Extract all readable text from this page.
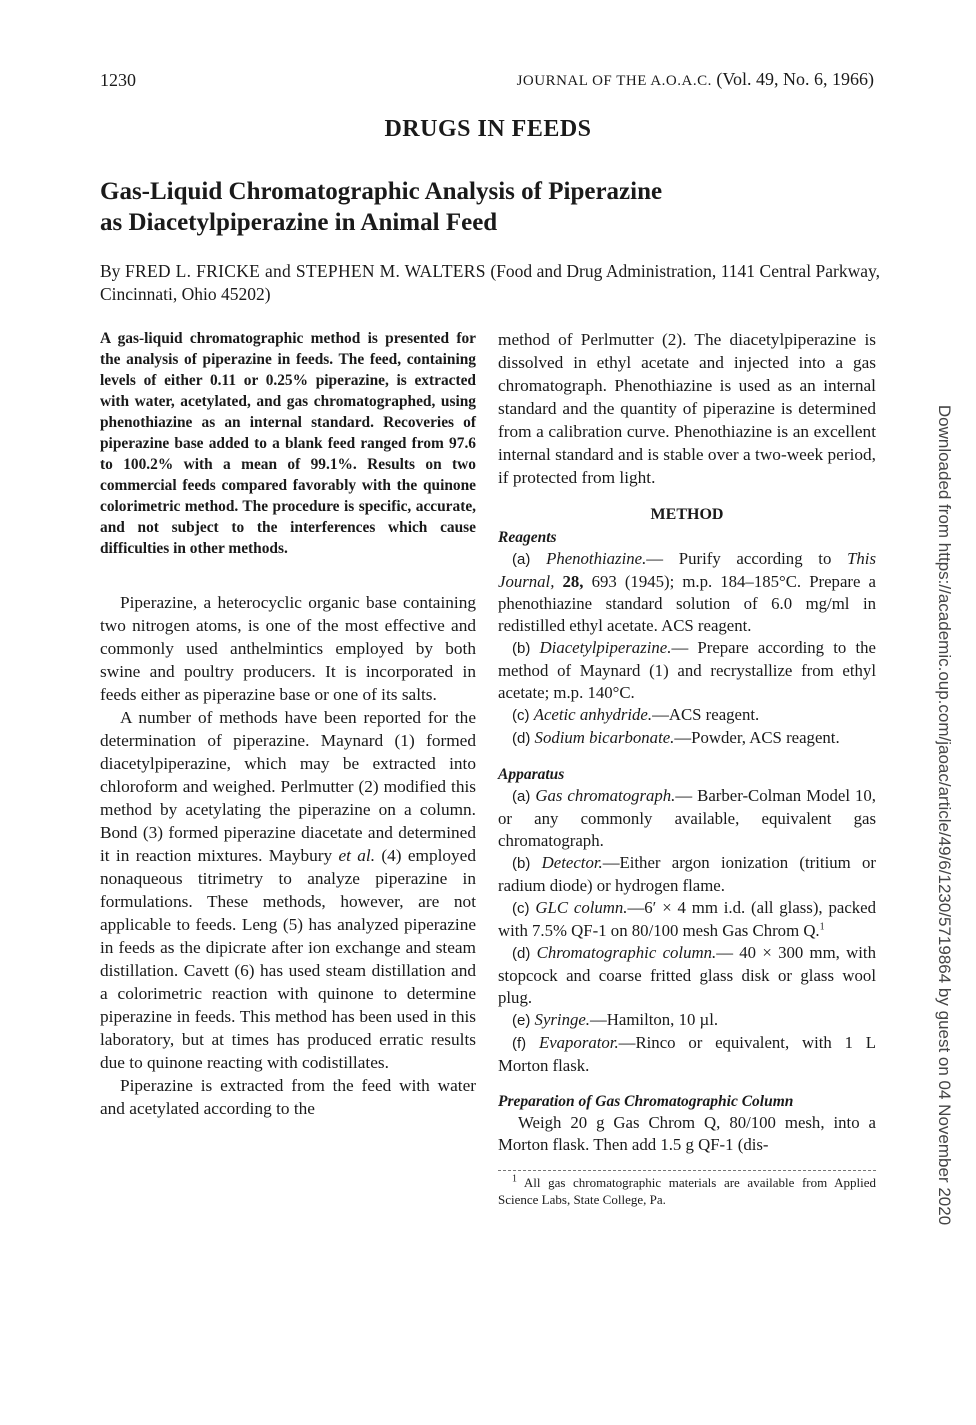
1230	JOURNAL OF THE A.O.A.C. (Vol. 49, No. 6, 1966)
DRUGS IN FEEDS
Gas-Liquid Chromatographic Analysis of Piperazine
as Diacetylpiperazine in Animal Feed
By FRED L. FRICKE and STEPHEN M. WALTERS (Food and Drug Administration, 1141 Central Parkway, Cincinnati, Ohio 45202)

A gas-liquid chromatographic method is presented for the analysis of piperazine in feeds. The feed, containing levels of either 0.11 or 0.25% piperazine, is extracted with water, acetylated, and gas chromatographed, using phenothiazine as an internal standard. Recoveries of piperazine base added to a blank feed ranged from 97.6 to 100.2% with a mean of 99.1%. Results on two commercial feeds compared favorably with the quinone colorimetric method. The procedure is specific, accurate, and not subject to the interferences which cause difficulties in other methods.

Piperazine, a heterocyclic organic base containing two nitrogen atoms, is one of the most effective and commonly used anthelmintics employed by both swine and poultry producers. It is incorporated in feeds either as piperazine base or one of its salts.

A number of methods have been reported for the determination of piperazine. Maynard (1) formed diacetylpiperazine, which may be extracted into chloroform and weighed. Perlmutter (2) modified this method by acetylating the piperazine on a column. Bond (3) formed piperazine diacetate and determined it in reaction mixtures. Maybury et al. (4) employed nonaqueous titrimetry to analyze piperazine in formulations. These methods, however, are not applicable to feeds. Leng (5) has analyzed piperazine in feeds as the dipicrate after ion exchange and steam distillation. Cavett (6) has used steam distillation and a colorimetric reaction with quinone to determine piperazine in feeds. This method has been used in this laboratory, but at times has produced erratic results due to quinone reacting with codistillates.

Piperazine is extracted from the feed with water and acetylated according to the

method of Perlmutter (2). The diacetylpiperazine is dissolved in ethyl acetate and injected into a gas chromatograph. Phenothiazine is used as an internal standard and the quantity of piperazine is determined from a calibration curve. Phenothiazine is an excellent internal standard and is stable over a two-week period, if protected from light.

METHOD
Reagents

(a) Phenothiazine.— Purify according to This Journal, 28, 693 (1945); m.p. 184–185°C. Prepare a phenothiazine standard solution of 6.0 mg/ml in redistilled ethyl acetate. ACS reagent.

(b) Diacetylpiperazine.— Prepare according to the method of Maynard (1) and recrystallize from ethyl acetate; m.p. 140°C.

(c) Acetic anhydride.—ACS reagent.

(d) Sodium bicarbonate.—Powder, ACS reagent.

Apparatus

(a) Gas chromatograph.— Barber-Colman Model 10, or any commonly available, equivalent gas chromatograph.

(b) Detector.—Either argon ionization (tritium or radium diode) or hydrogen flame.

(c) GLC column.—6′ × 4 mm i.d. (all glass), packed with 7.5% QF-1 on 80/100 mesh Gas Chrom Q.$^1$

(d) Chromatographic column.— 40 × 300 mm, with stopcock and coarse fritted glass disk or glass wool plug.

(e) Syringe.—Hamilton, 10 µl.

(f) Evaporator.—Rinco or equivalent, with 1 L Morton flask.

Preparation of Gas Chromatographic Column

Weigh 20 g Gas Chrom Q, 80/100 mesh, into a Morton flask. Then add 1.5 g QF-1 (dis-

$^1$ All gas chromatographic materials are available from Applied Science Labs, State College, Pa.	Downloaded from https://academic.oup.com/jaoac/article/49/6/1230/5719864 by guest on 04 November 2020
